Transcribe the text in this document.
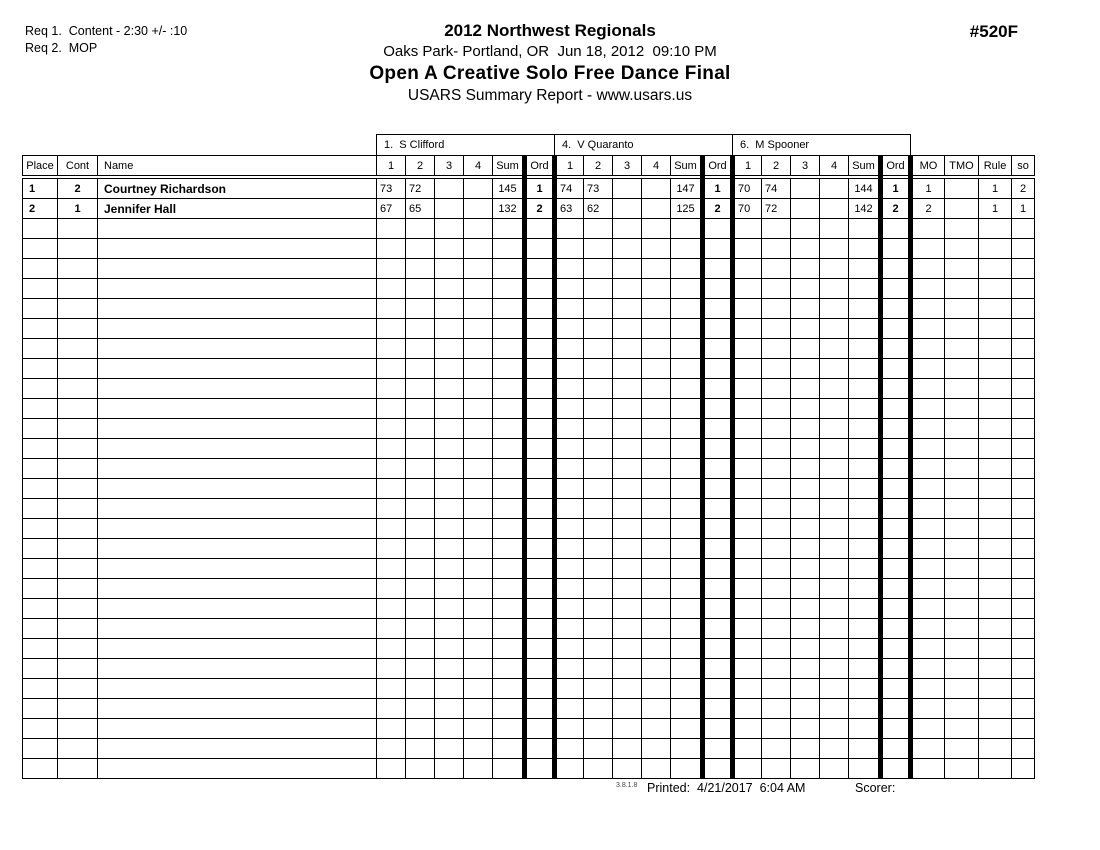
Req 1.  Content - 2:30 +/- :10
Req 2.  MOP
2012 Northwest Regionals
Oaks Park- Portland, OR  Jun 18, 2012  09:10 PM
Open A Creative Solo Free Dance Final
USARS Summary Report - www.usars.us
#520F
			1.  S Clifford						4.  V Quaranto						6.  M Spooner									
Place	Cont	Name	1	2	3	4	Sum	Ord	1	2	3	4	Sum	Ord	1	2	3	4	Sum	Ord	MO	TMO	Rule	so
1	2	Courtney Richardson	73	72			145	1	74	73			147	1	70	74			144	1	1		1	2
2	1	Jennifer Hall	67	65			132	2	63	62			125	2	70	72			142	2	2		1	1

3.8.1.8 Printed:  4/21/2017  6:04 AM	Scorer:
